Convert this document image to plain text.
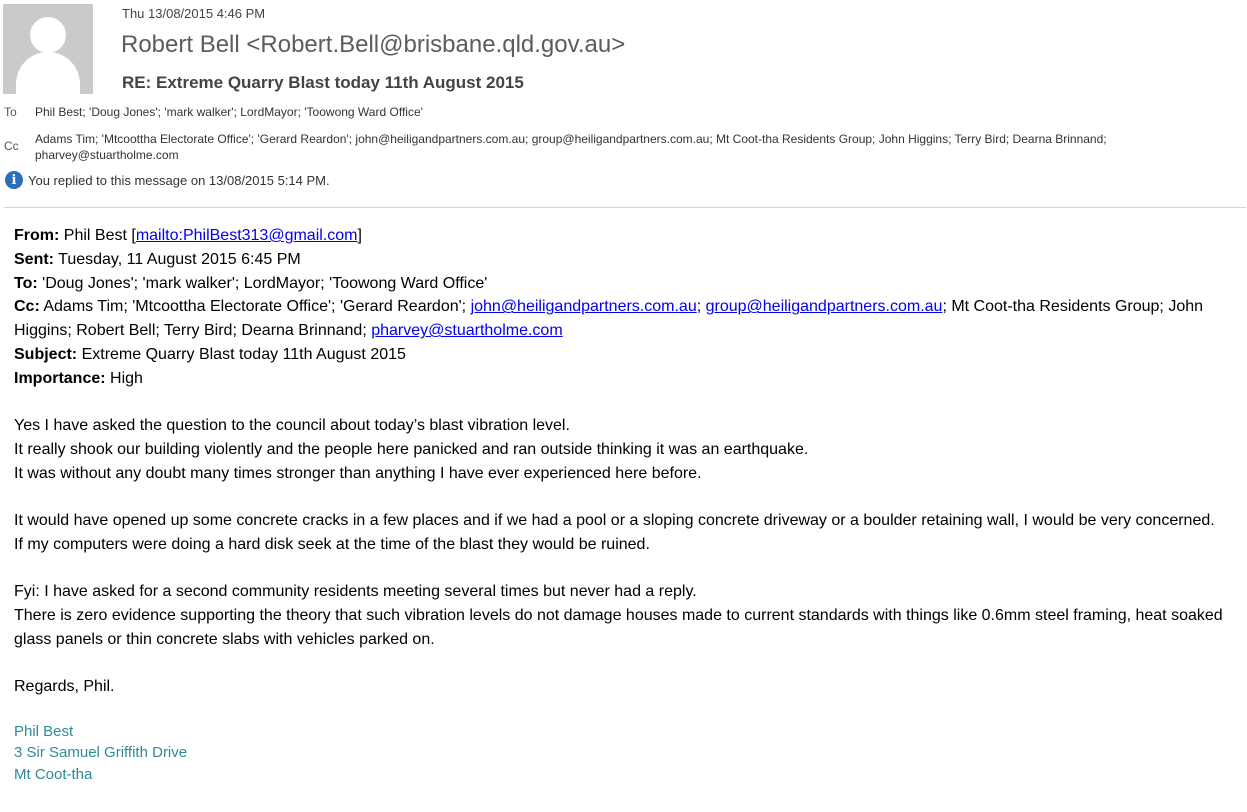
Thu 13/08/2015 4:46 PM
Robert Bell <Robert.Bell@brisbane.qld.gov.au>
RE: Extreme Quarry Blast today 11th August 2015
To Phil Best; 'Doug Jones'; 'mark walker'; LordMayor; 'Toowong Ward Office'
Cc Adams Tim; 'Mtcoottha Electorate Office'; 'Gerard Reardon'; john@heiligandpartners.com.au; group@heiligandpartners.com.au; Mt Coot-tha Residents Group; John Higgins; Terry Bird; Dearna Brinnand; pharvey@stuartholme.com
i You replied to this message on 13/08/2015 5:14 PM.
From: Phil Best [mailto:PhilBest313@gmail.com]
Sent: Tuesday, 11 August 2015 6:45 PM
To: 'Doug Jones'; 'mark walker'; LordMayor; 'Toowong Ward Office'
Cc: Adams Tim; 'Mtcoottha Electorate Office'; 'Gerard Reardon'; john@heiligandpartners.com.au; group@heiligandpartners.com.au; Mt Coot-tha Residents Group; John Higgins; Robert Bell; Terry Bird; Dearna Brinnand; pharvey@stuartholme.com
Subject: Extreme Quarry Blast today 11th August 2015
Importance: High
Yes I have asked the question to the council about today’s blast vibration level.
It really shook our building violently and the people here panicked and ran outside thinking it was an earthquake.
It was without any doubt many times stronger than anything I have ever experienced here before.
It would have opened up some concrete cracks in a few places and if we had a pool or a sloping concrete driveway or a boulder retaining wall, I would be very concerned.
If my computers were doing a hard disk seek at the time of the blast they would be ruined.
Fyi: I have asked for a second community residents meeting several times but never had a reply.
There is zero evidence supporting the theory that such vibration levels do not damage houses made to current standards with things like 0.6mm steel framing, heat soaked glass panels or thin concrete slabs with vehicles parked on.
Regards, Phil.
Phil Best
3 Sir Samuel Griffith Drive
Mt Coot-tha
